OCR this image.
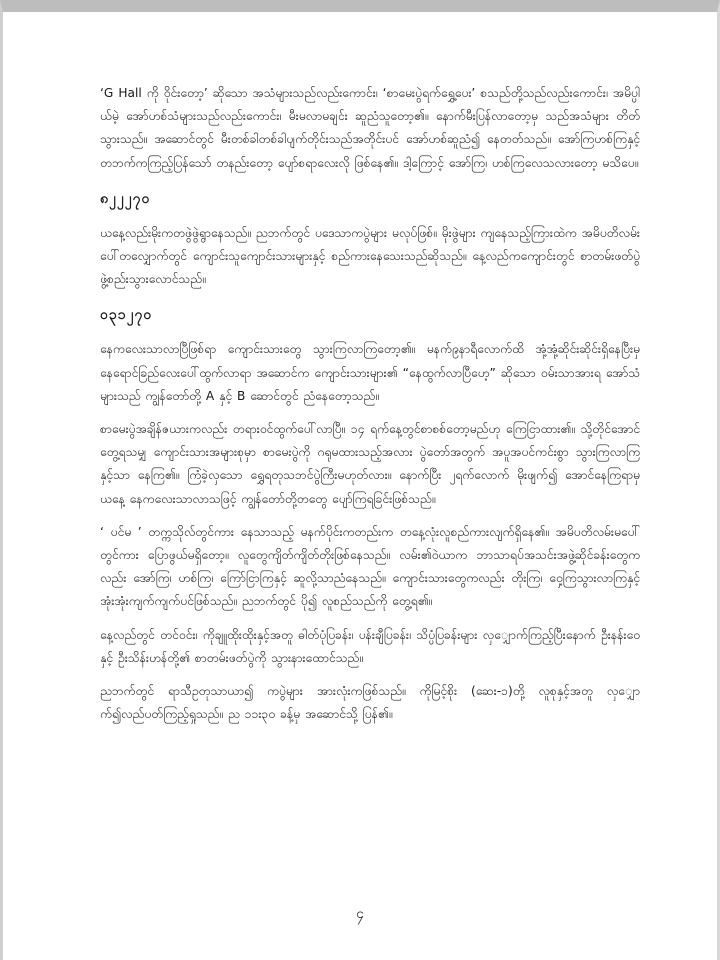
‘G Hall ကို ဝိုင်းတော့’ ဆိုသော အသံများသည်လည်းကောင်း၊ ‘စာမေးပွဲရက်ရွှေ့ပေး’ စသည်တို့သည်လည်းကောင်း၊ အမိပ္ပါယ်မဲ့ အော်ဟစ်သံများသည်လည်းကောင်း၊ မီးမလာမချင်း ဆူညံသူတော့၏။ နောက်မီးပြန်လာတော့မှ သည်အသံများ တိတ်သွားသည်။ အဆောင်တွင် မီးတစ်ခါတစ်ခါပျက်တိုင်းသည်အတိုင်းပင် အော်ဟစ်ဆူညံ၍ နေတတ်သည်။ အော်ကြဟစ်ကြနှင့် တဘက်ကကြည့်ပြန်သော် တနည်းတော့ ပျော်စရာလေးလို ဖြစ်နေ၏။ ဒါ့ကြောင့် အော်ကြ၊ ဟစ်ကြလေသလားတော့ မသိပေ။

၈၂၂၂၇၀

ယနေ့လည်းမိုးကတဖွဲဖွဲရွာနေသည်။ ညဘက်တွင် ပဒေသာကပွဲများ မလုပ်ဖြစ်။ မိုးဖွဲများ ကျနေသည့်ကြားထဲက အမိပတိလမ်းပေါ်တလျှောက်တွင် ကျောင်းသူကျောင်းသားများနှင့် စည်ကားနေသေးသည်ဆိုသည်။ နေ့လည်ကကျောင်းတွင် စာတမ်းဖတ်ပွဲ ဖွဲ့စည်းသွားလောင်သည်။

၀၃၁၂၇၀

နေကလေးသာလာပြီဖြစ်ရာ ကျောင်းသားတွေ သွားကြလာကြတော့၏။ မနက်၉နာရီလောက်ထိ အုံ့အုံ့ဆိုင်းဆိုင်းရှိနေပြီးမှ နေရောင်ခြည်လေးပေါ်ထွက်လာရာ အဆောင်က ကျောင်းသားများ၏ “နေထွက်လာပြီဟေ့” ဆိုသော ဝမ်းသာအားရ အော်သံများသည် ကျွန်တော်တို့ A နှင့် B ဆောင်တွင် ညံနေတော့သည်။

စာမေးပွဲအချိန်ဇယားကလည်း တရားဝင်ထွက်ပေါ်လာပြီ။ ၁၄ ရက်နေ့တွင်စာစစ်တော့မည်ဟု ကြေငြာထား၏။ သို့တိုင်အောင် တွေ့ရသမျှ ကျောင်းသားအများစုမှာ စာမေးပွဲကို ဂရုမထားသည့်အလား ပွဲတော်အတွက် အပူအပင်ကင်းစွာ သွားကြလာကြနှင့်သာ နေကြ၏။ ကြံခဲ့လှသော ရွှေရတုသဘင်ပွဲကြီးမဟုတ်လား။ နောက်ပြီး ၂ရက်လောက် မိုးဖျက်၍ အောင်နေကြရာမှ ယနေ့ နေကလေးသာလာသဖြင့် ကျွန်တော်တို့တတွေ ပျော်ကြရခြင်းဖြစ်သည်။

‘ ပင်မ ’ တက္ကသိုလ်တွင်ကား နေသာသည့် မနက်ပိုင်းကတည်းက တနေ့လုံးလူစည်ကားလျက်ရှိနေ၏။ အမိပတိလမ်းမပေါ်တွင်ကား ပြောဖွယ်မရှိတော့။ လူတွေကျိတ်ကျိတ်တိုးဖြစ်နေသည်။ လမ်း၏ဝဲယာက ဘာသာရပ်အသင်းအဖွဲ့ဆိုင်ခန်းတွေကလည်း အော်ကြ၊ ဟစ်ကြ၊ ကြော်ငြာကြနှင့် ဆူလို့သာညံနေသည်။ ကျောင်းသားတွေကလည်း တိုးကြ၊ ဝှေ့ကြသွားလာကြနှင့် အုံးအုံးကျက်ကျက်ပင်ဖြစ်သည်။ ညဘက်တွင် ပို၍ လူစည်သည်ကို တွေ့ရ၏။

နေ့လည်တွင် တင်ဝင်း၊ ကိုချူထိုးထိုးနှင့်အတူ ဓါတ်ပုံပြခန်း၊ ပန်းချီပြခန်း၊ သိပ္ပံပြခန်းများ လှျှောက်ကြည့်ပြီးနောက် ဦးနန်းဝေနှင့် ဦးသိန်းဟန်တို့၏ စာတမ်းဖတ်ပွဲကို သွားနားထောင်သည်။

ညဘက်တွင် ရာသီဥတုသာယာ၍ ကပွဲများ အားလုံးကဖြစ်သည်။ ကိုမြင့်စိုး (ဆေး-၁)တို့ လူစုနှင့်အတူ လှျှောက်၍လည်ပတ်ကြည့်ရှုသည်။ ည ၁၁း၃၀ ခန့်မှ အဆောင်သို့ ပြန်၏။

၄
